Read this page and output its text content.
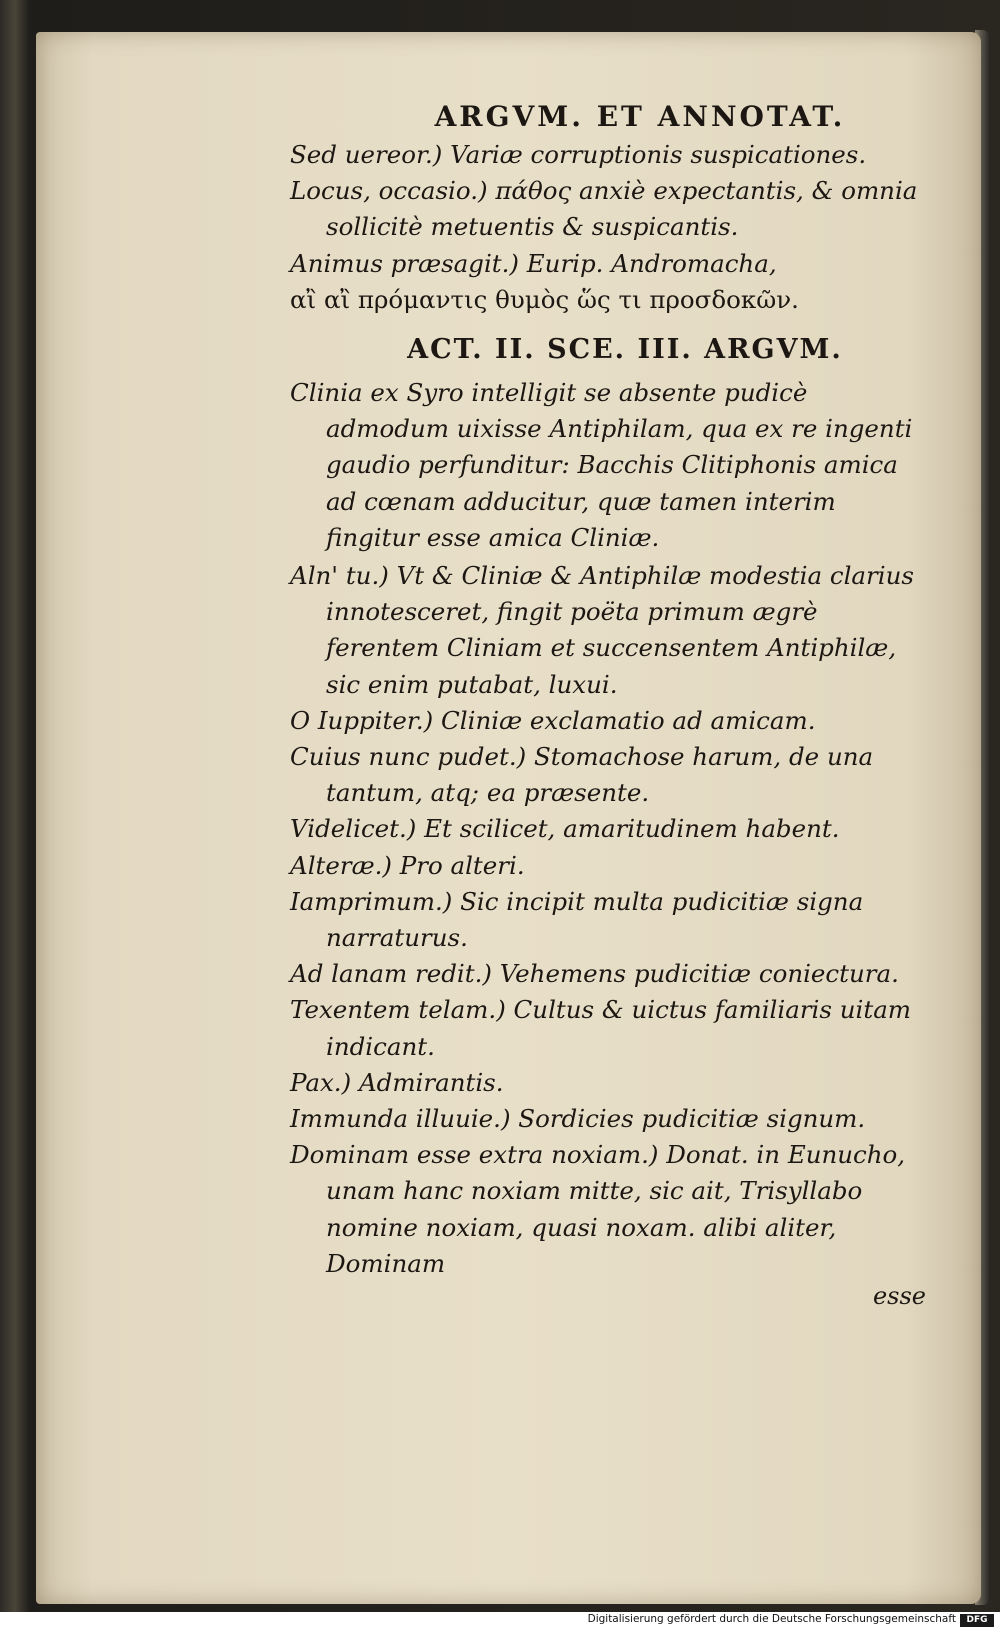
ARGVM. ET ANNOTAT.

Sed uereor.) Variæ corruptionis suspicationes.

Locus, occasio.) πάθος anxiè expectantis, & omnia sollicitè metuentis & suspicantis.

Animus præsagit.) Eurip. Andromacha,

αἲ αἲ πρόμαντις θυμὸς ὥς τι προσδοκῶν.

ACT. II. SCE. III. ARGVM.

Clinia ex Syro intelligit se absente pudicè admodum uixisse Antiphilam, qua ex re ingenti gaudio perfunditur: Bacchis Clitiphonis amica ad cœnam adducitur, quæ tamen interim fingitur esse amica Cliniæ.

Aln' tu.) Vt & Cliniæ & Antiphilæ modestia clarius innotesceret, fingit poëta primum ægrè ferentem Cliniam et succensentem Antiphilæ, sic enim putabat, luxui.

O Iuppiter.) Cliniæ exclamatio ad amicam.

Cuius nunc pudet.) Stomachose harum, de una tantum, atq; ea præsente.

Videlicet.) Et scilicet, amaritudinem habent.

Alteræ.) Pro alteri.

Iamprimum.) Sic incipit multa pudicitiæ signa narraturus.

Ad lanam redit.) Vehemens pudicitiæ coniectura.

Texentem telam.) Cultus & uictus familiaris uitam indicant.

Pax.) Admirantis.

Immunda illuuie.) Sordicies pudicitiæ signum.

Dominam esse extra noxiam.) Donat. in Eunucho, unam hanc noxiam mitte, sic ait, Trisyllabo nomine noxiam, quasi noxam. alibi aliter, Dominam

esse

Digitalisierung gefördert durch die Deutsche Forschungsgemeinschaft	DFG
